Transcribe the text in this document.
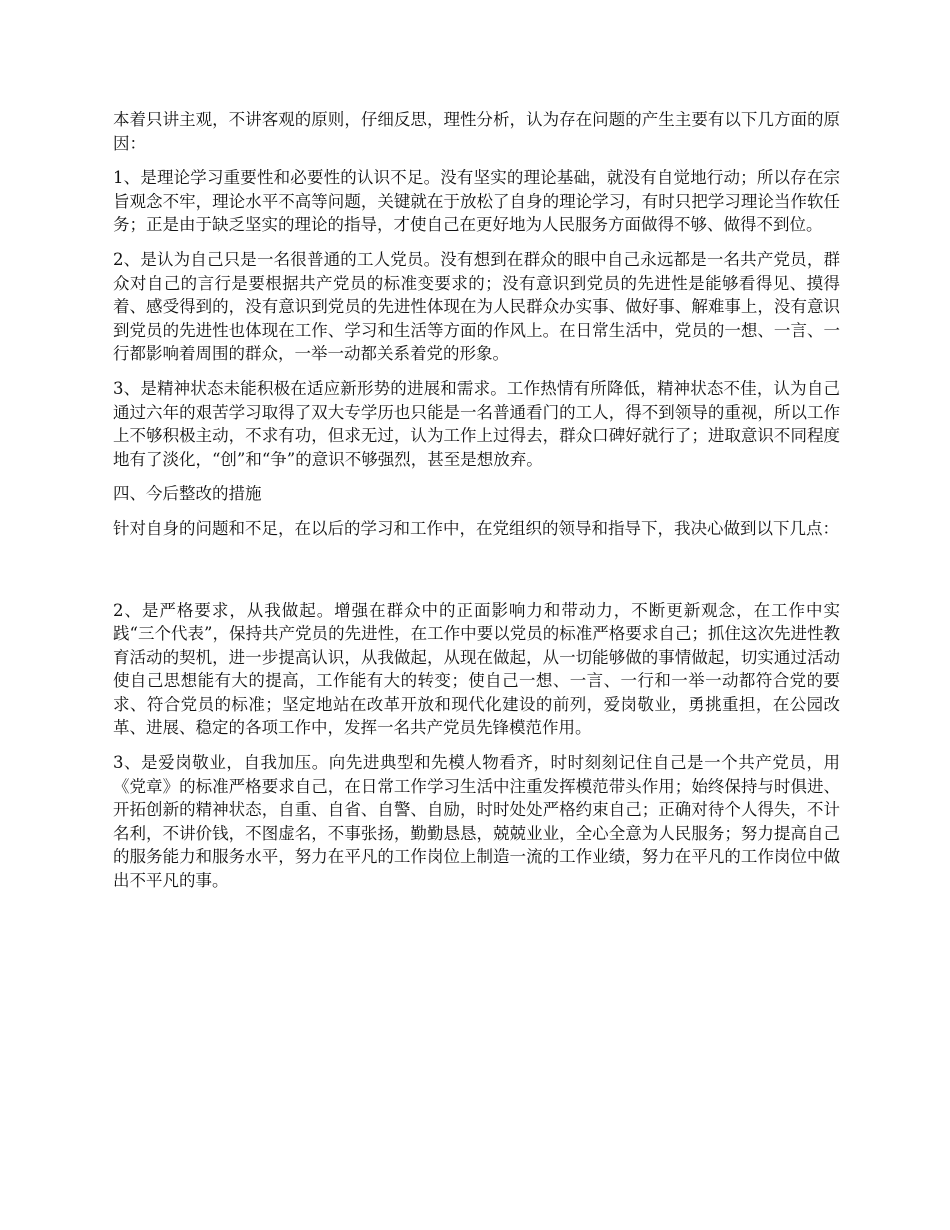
本着只讲主观，不讲客观的原则，仔细反思，理性分析，认为存在问题的产生主要有以下几方面的原因：

1、是理论学习重要性和必要性的认识不足。没有坚实的理论基础，就没有自觉地行动；所以存在宗旨观念不牢，理论水平不高等问题，关键就在于放松了自身的理论学习，有时只把学习理论当作软任务；正是由于缺乏坚实的理论的指导，才使自己在更好地为人民服务方面做得不够、做得不到位。

2、是认为自己只是一名很普通的工人党员。没有想到在群众的眼中自己永远都是一名共产党员，群众对自己的言行是要根据共产党员的标准变要求的；没有意识到党员的先进性是能够看得见、摸得着、感受得到的，没有意识到党员的先进性体现在为人民群众办实事、做好事、解难事上，没有意识到党员的先进性也体现在工作、学习和生活等方面的作风上。在日常生活中，党员的一想、一言、一行都影响着周围的群众，一举一动都关系着党的形象。

3、是精神状态未能积极在适应新形势的进展和需求。工作热情有所降低，精神状态不佳，认为自己通过六年的艰苦学习取得了双大专学历也只能是一名普通看门的工人，得不到领导的重视，所以工作上不够积极主动，不求有功，但求无过，认为工作上过得去，群众口碑好就行了；进取意识不同程度地有了淡化，“创”和“争”的意识不够强烈，甚至是想放弃。

四、今后整改的措施

针对自身的问题和不足，在以后的学习和工作中，在党组织的领导和指导下，我决心做到以下几点：

2、是严格要求，从我做起。增强在群众中的正面影响力和带动力，不断更新观念，在工作中实践“三个代表”，保持共产党员的先进性，在工作中要以党员的标准严格要求自己；抓住这次先进性教育活动的契机，进一步提高认识，从我做起，从现在做起，从一切能够做的事情做起，切实通过活动使自己思想能有大的提高，工作能有大的转变；使自己一想、一言、一行和一举一动都符合党的要求、符合党员的标准；坚定地站在改革开放和现代化建设的前列，爱岗敬业，勇挑重担，在公园改革、进展、稳定的各项工作中，发挥一名共产党员先锋模范作用。

3、是爱岗敬业，自我加压。向先进典型和先模人物看齐，时时刻刻记住自己是一个共产党员，用《党章》的标准严格要求自己，在日常工作学习生活中注重发挥模范带头作用；始终保持与时俱进、开拓创新的精神状态，自重、自省、自警、自励，时时处处严格约束自己；正确对待个人得失，不计名利，不讲价钱，不图虚名，不事张扬，勤勤恳恳，兢兢业业，全心全意为人民服务；努力提高自己的服务能力和服务水平，努力在平凡的工作岗位上制造一流的工作业绩，努力在平凡的工作岗位中做出不平凡的事。
